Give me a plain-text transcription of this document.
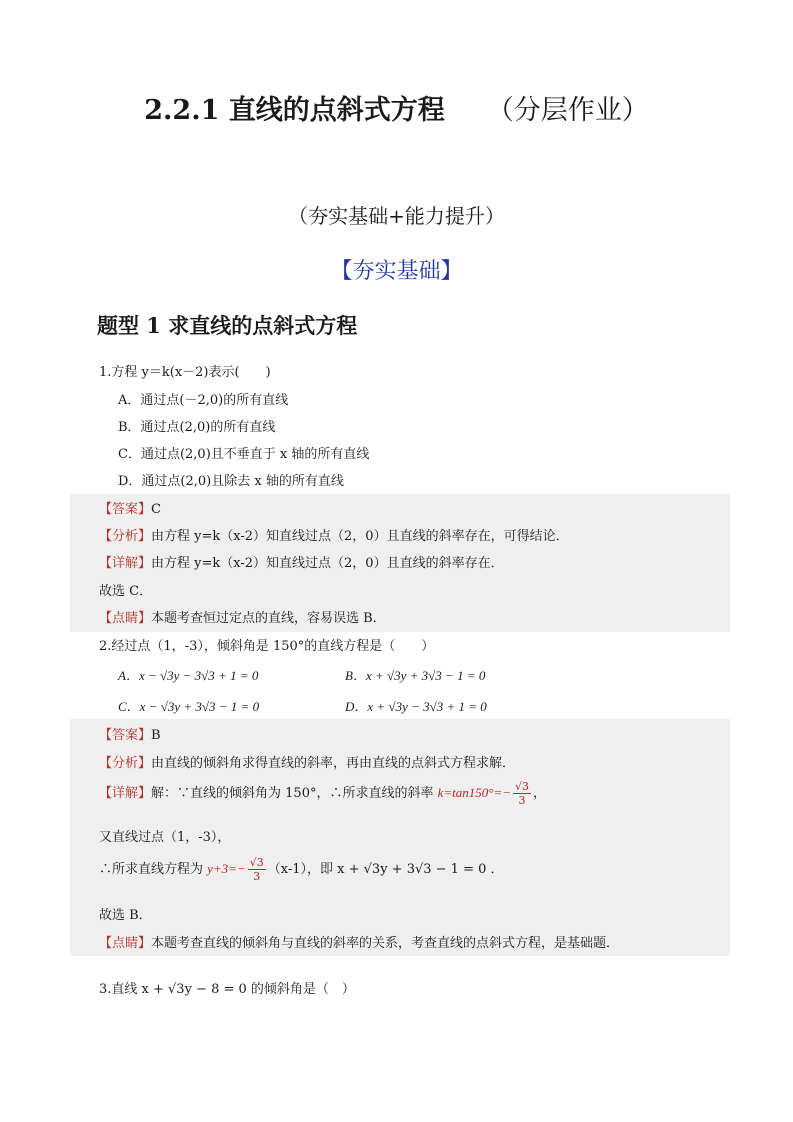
2.2.1 直线的点斜式方程 （分层作业）
（夯实基础+能力提升）
【夯实基础】
题型 1 求直线的点斜式方程
1.方程 y＝k(x－2)表示(　　)
A．通过点(－2,0)的所有直线
B．通过点(2,0)的所有直线
C．通过点(2,0)且不垂直于 x 轴的所有直线
D．通过点(2,0)且除去 x 轴的所有直线
【答案】C
【分析】由方程 y=k（x-2）知直线过点（2，0）且直线的斜率存在，可得结论．
【详解】由方程 y=k（x-2）知直线过点（2，0）且直线的斜率存在．
故选 C．
【点睛】本题考查恒过定点的直线，容易误选 B．
2.经过点（1，-3），倾斜角是 150°的直线方程是（　　）
A．x − √3y − 3√3 + 1 = 0	B．x + √3y + 3√3 − 1 = 0
C．x − √3y + 3√3 − 1 = 0	D．x + √3y − 3√3 + 1 = 0
【答案】B
【分析】由直线的倾斜角求得直线的斜率，再由直线的点斜式方程求解．
【详解】解：∵直线的倾斜角为 150°，∴所求直线的斜率 $k=\tan 150^\circ=- \frac{√3}{3}$ ，
又直线过点（1，-3），
∴所求直线方程为 $y+3=- \frac{√3}{3} (x-1)$，即 x + √3y + 3√3 − 1 = 0 ．
故选 B．
【点睛】本题考查直线的倾斜角与直线的斜率的关系，考查直线的点斜式方程，是基础题．
3.直线 x + √3y − 8 = 0 的倾斜角是（　）
